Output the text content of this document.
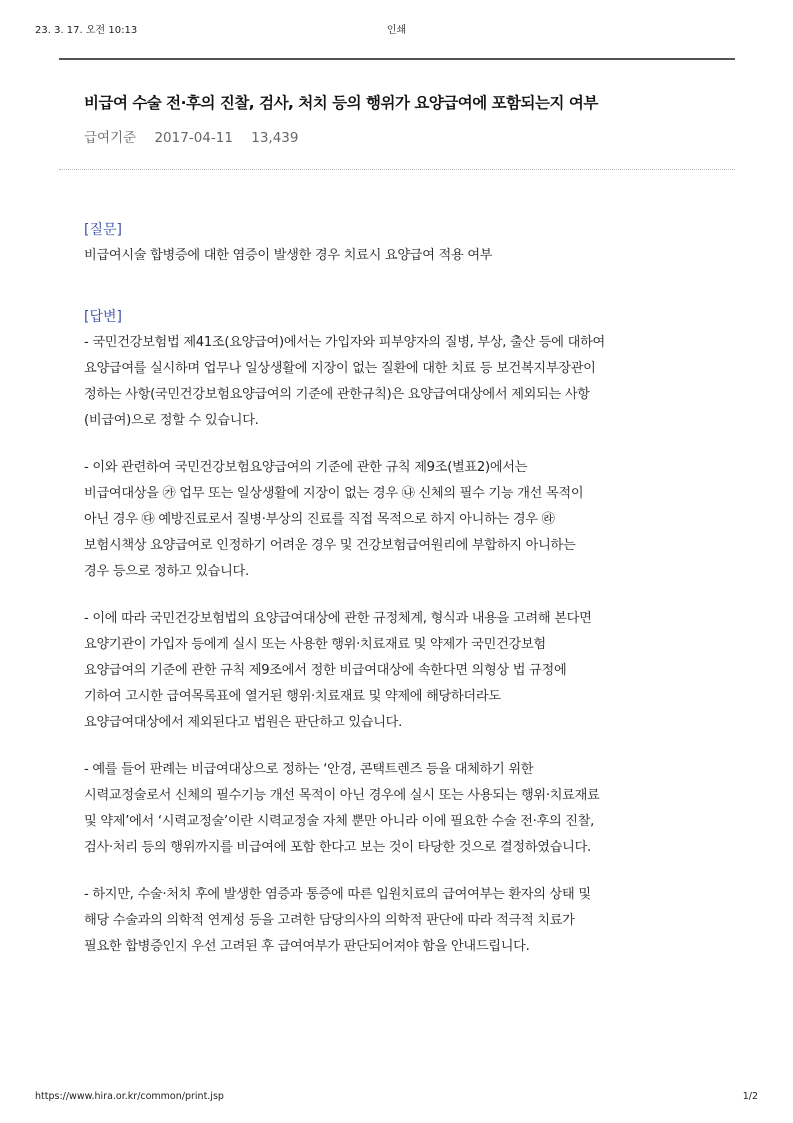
23. 3. 17. 오전 10:13	인쇄
비급여 수술 전·후의 진찰, 검사, 처치 등의 행위가 요양급여에 포함되는지 여부
급여기준 2017-04-11 13,439
[질문]
비급여시술 합병증에 대한 염증이 발생한 경우 치료시 요양급여 적용 여부
[답변]
- 국민건강보험법 제41조(요양급여)에서는 가입자와 피부양자의 질병, 부상, 출산 등에 대하여
요양급여를 실시하며 업무나 일상생활에 지장이 없는 질환에 대한 치료 등 보건복지부장관이
정하는 사항(국민건강보험요양급여의 기준에 관한규칙)은 요양급여대상에서 제외되는 사항
(비급여)으로 정할 수 있습니다.
- 이와 관련하여 국민건강보험요양급여의 기준에 관한 규칙 제9조(별표2)에서는
비급여대상을 ㉮ 업무 또는 일상생활에 지장이 없는 경우 ㉯ 신체의 필수 기능 개선 목적이
아닌 경우 ㉰ 예방진료로서 질병·부상의 진료를 직접 목적으로 하지 아니하는 경우 ㉱
보험시책상 요양급여로 인정하기 어려운 경우 및 건강보험급여원리에 부합하지 아니하는
경우 등으로 정하고 있습니다.
- 이에 따라 국민건강보험법의 요양급여대상에 관한 규정체계, 형식과 내용을 고려해 본다면
요양기관이 가입자 등에게 실시 또는 사용한 행위·치료재료 및 약제가 국민건강보험
요양급여의 기준에 관한 규칙 제9조에서 정한 비급여대상에 속한다면 의형상 법 규정에
기하여 고시한 급여목록표에 열거된 행위·치료재료 및 약제에 해당하더라도
요양급여대상에서 제외된다고 법원은 판단하고 있습니다.
- 예를 들어 판례는 비급여대상으로 정하는 ‘안경, 콘택트렌즈 등을 대체하기 위한
시력교정술로서 신체의 필수기능 개선 목적이 아닌 경우에 실시 또는 사용되는 행위·치료재료
및 약제’에서 ‘시력교정술’이란 시력교정술 자체 뿐만 아니라 이에 필요한 수술 전·후의 진찰,
검사·처리 등의 행위까지를 비급여에 포함 한다고 보는 것이 타당한 것으로 결정하였습니다.
- 하지만, 수술·처치 후에 발생한 염증과 통증에 따른 입원치료의 급여여부는 환자의 상태 및
해당 수술과의 의학적 연계성 등을 고려한 담당의사의 의학적 판단에 따라 적극적 치료가
필요한 합병증인지 우선 고려된 후 급여여부가 판단되어져야 함을 안내드립니다.
https://www.hira.or.kr/common/print.jsp	1/2
